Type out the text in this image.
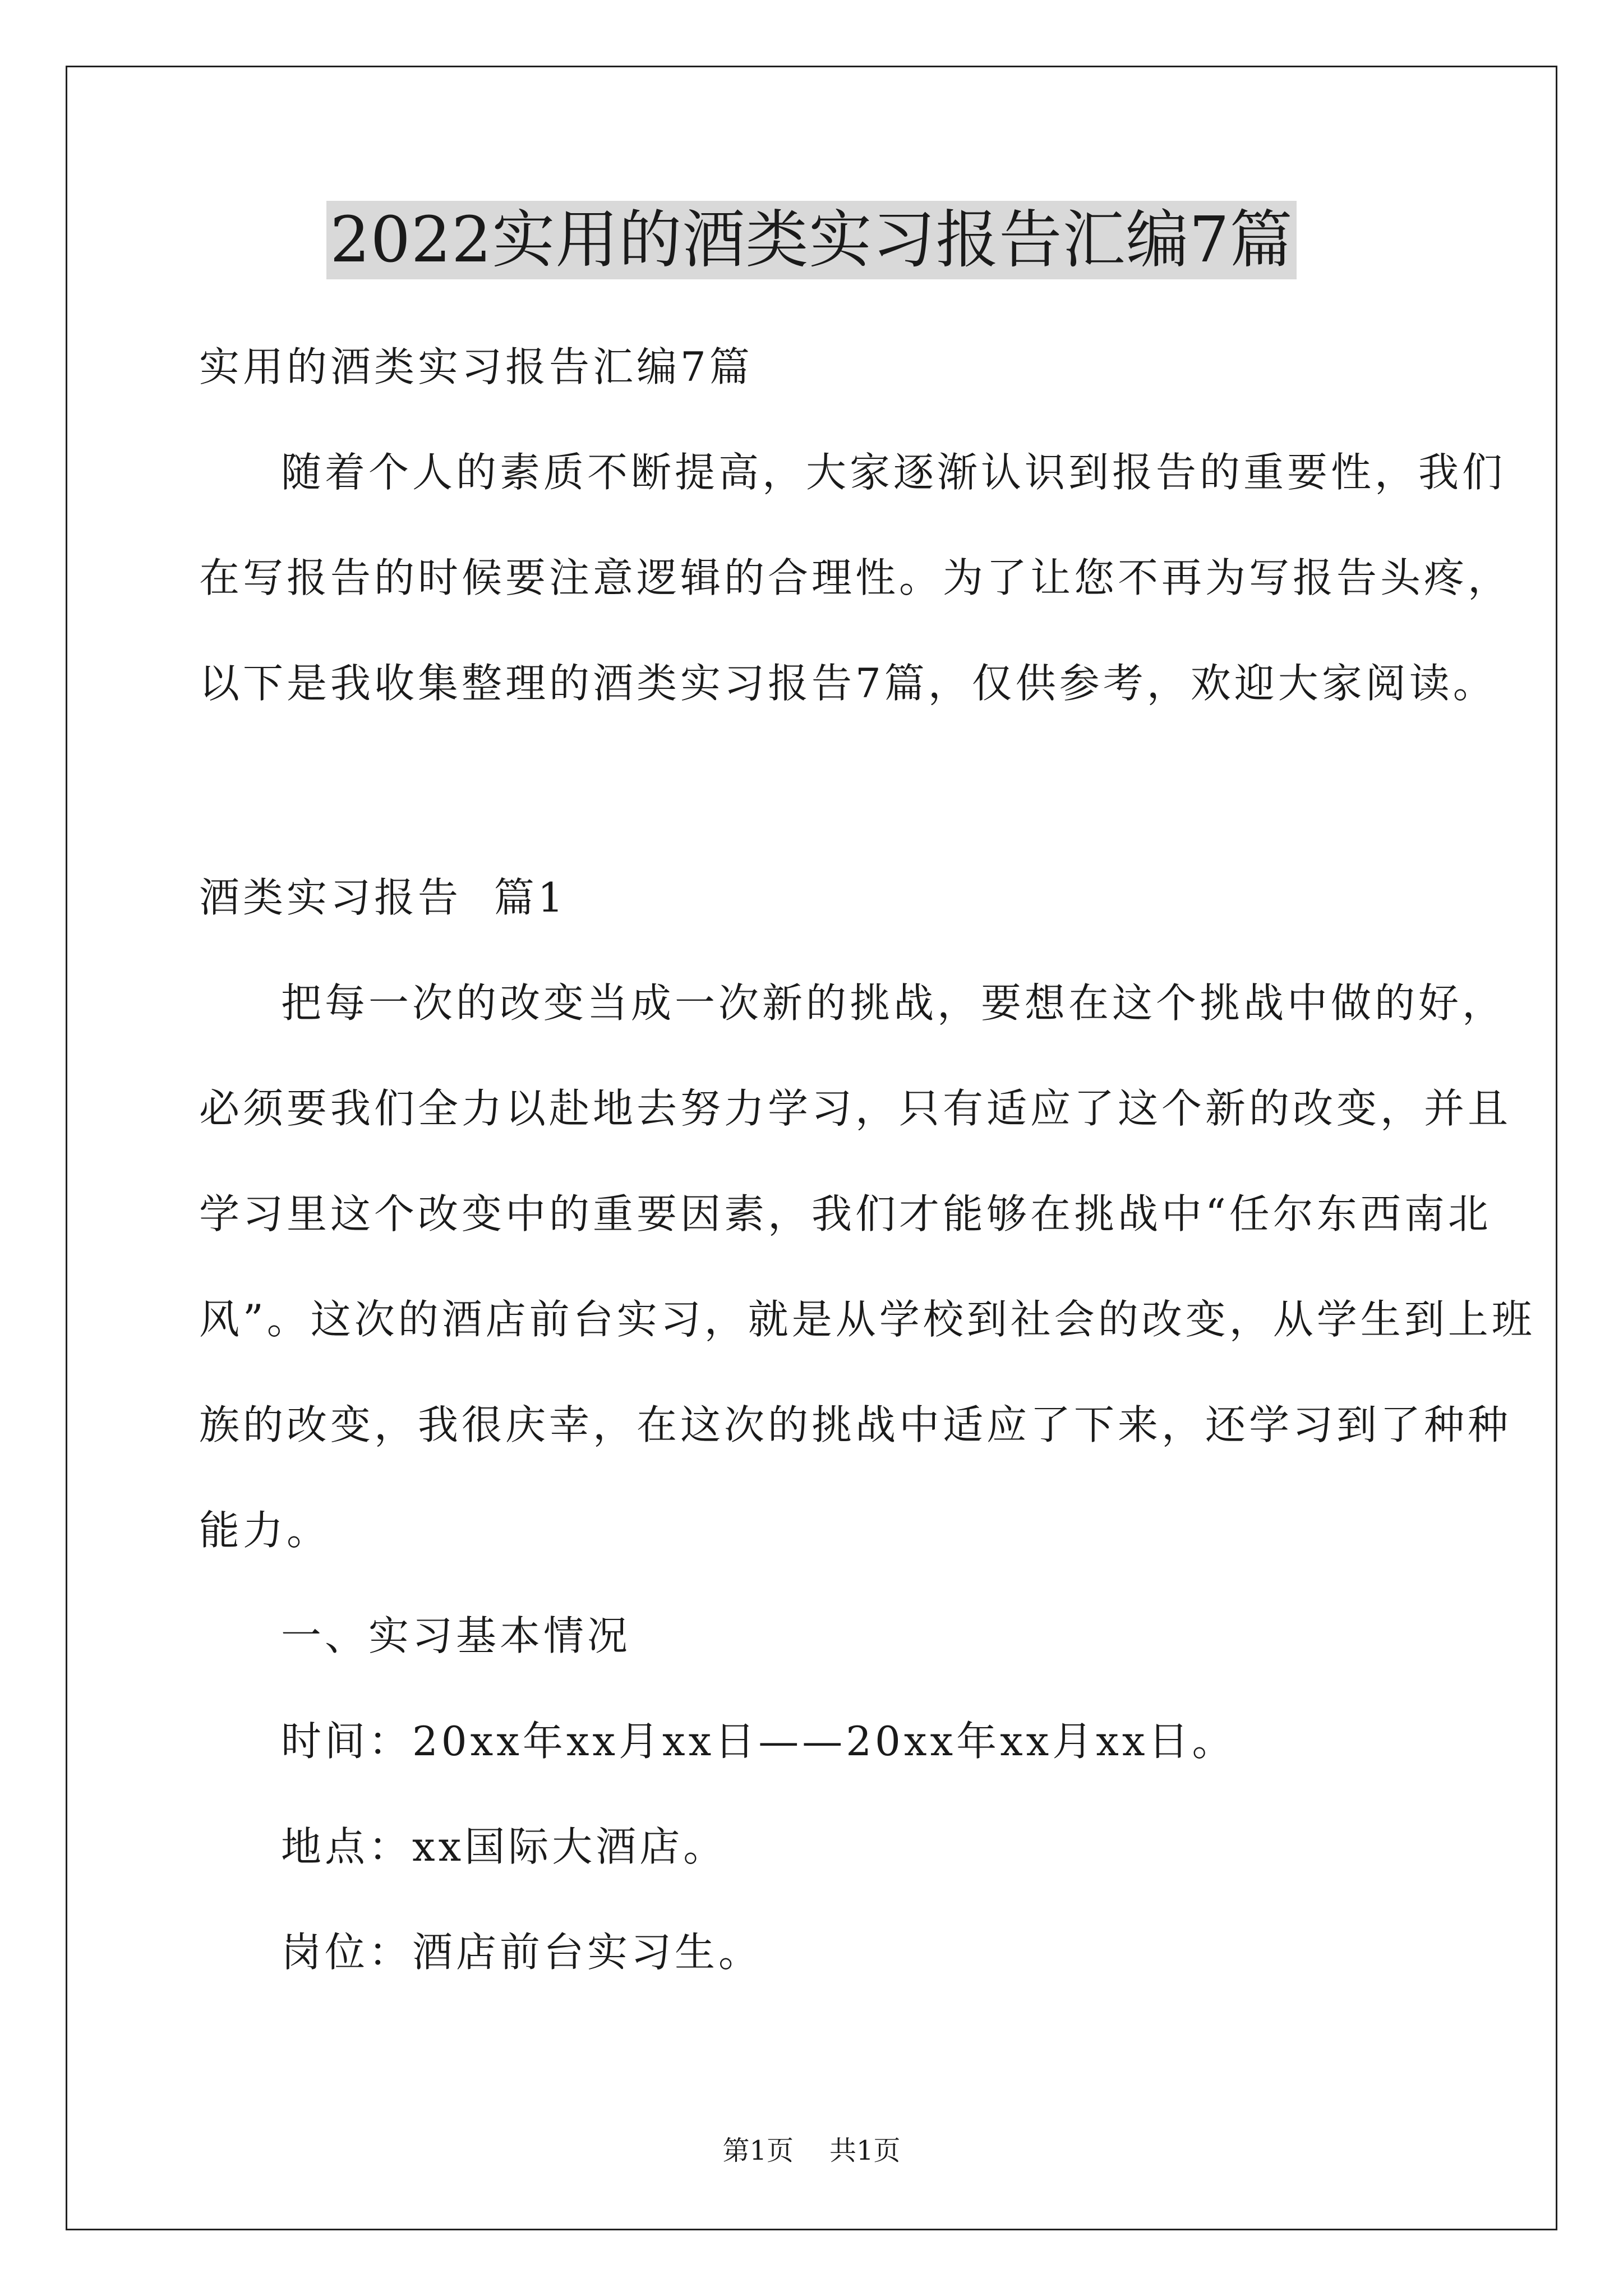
2022实用的酒类实习报告汇编7篇
实用的酒类实习报告汇编7篇
随着个人的素质不断提高，大家逐渐认识到报告的重要性，我们
在写报告的时候要注意逻辑的合理性。为了让您不再为写报告头疼，
以下是我收集整理的酒类实习报告7篇，仅供参考，欢迎大家阅读。
酒类实习报告  篇1
把每一次的改变当成一次新的挑战，要想在这个挑战中做的好，
必须要我们全力以赴地去努力学习，只有适应了这个新的改变，并且
学习里这个改变中的重要因素，我们才能够在挑战中“任尔东西南北
风”。这次的酒店前台实习，就是从学校到社会的改变，从学生到上班
族的改变，我很庆幸，在这次的挑战中适应了下来，还学习到了种种
能力。
一、实习基本情况
时间：20xx年xx月xx日——20xx年xx月xx日。
地点：xx国际大酒店。
岗位：酒店前台实习生。
第1页 共1页
